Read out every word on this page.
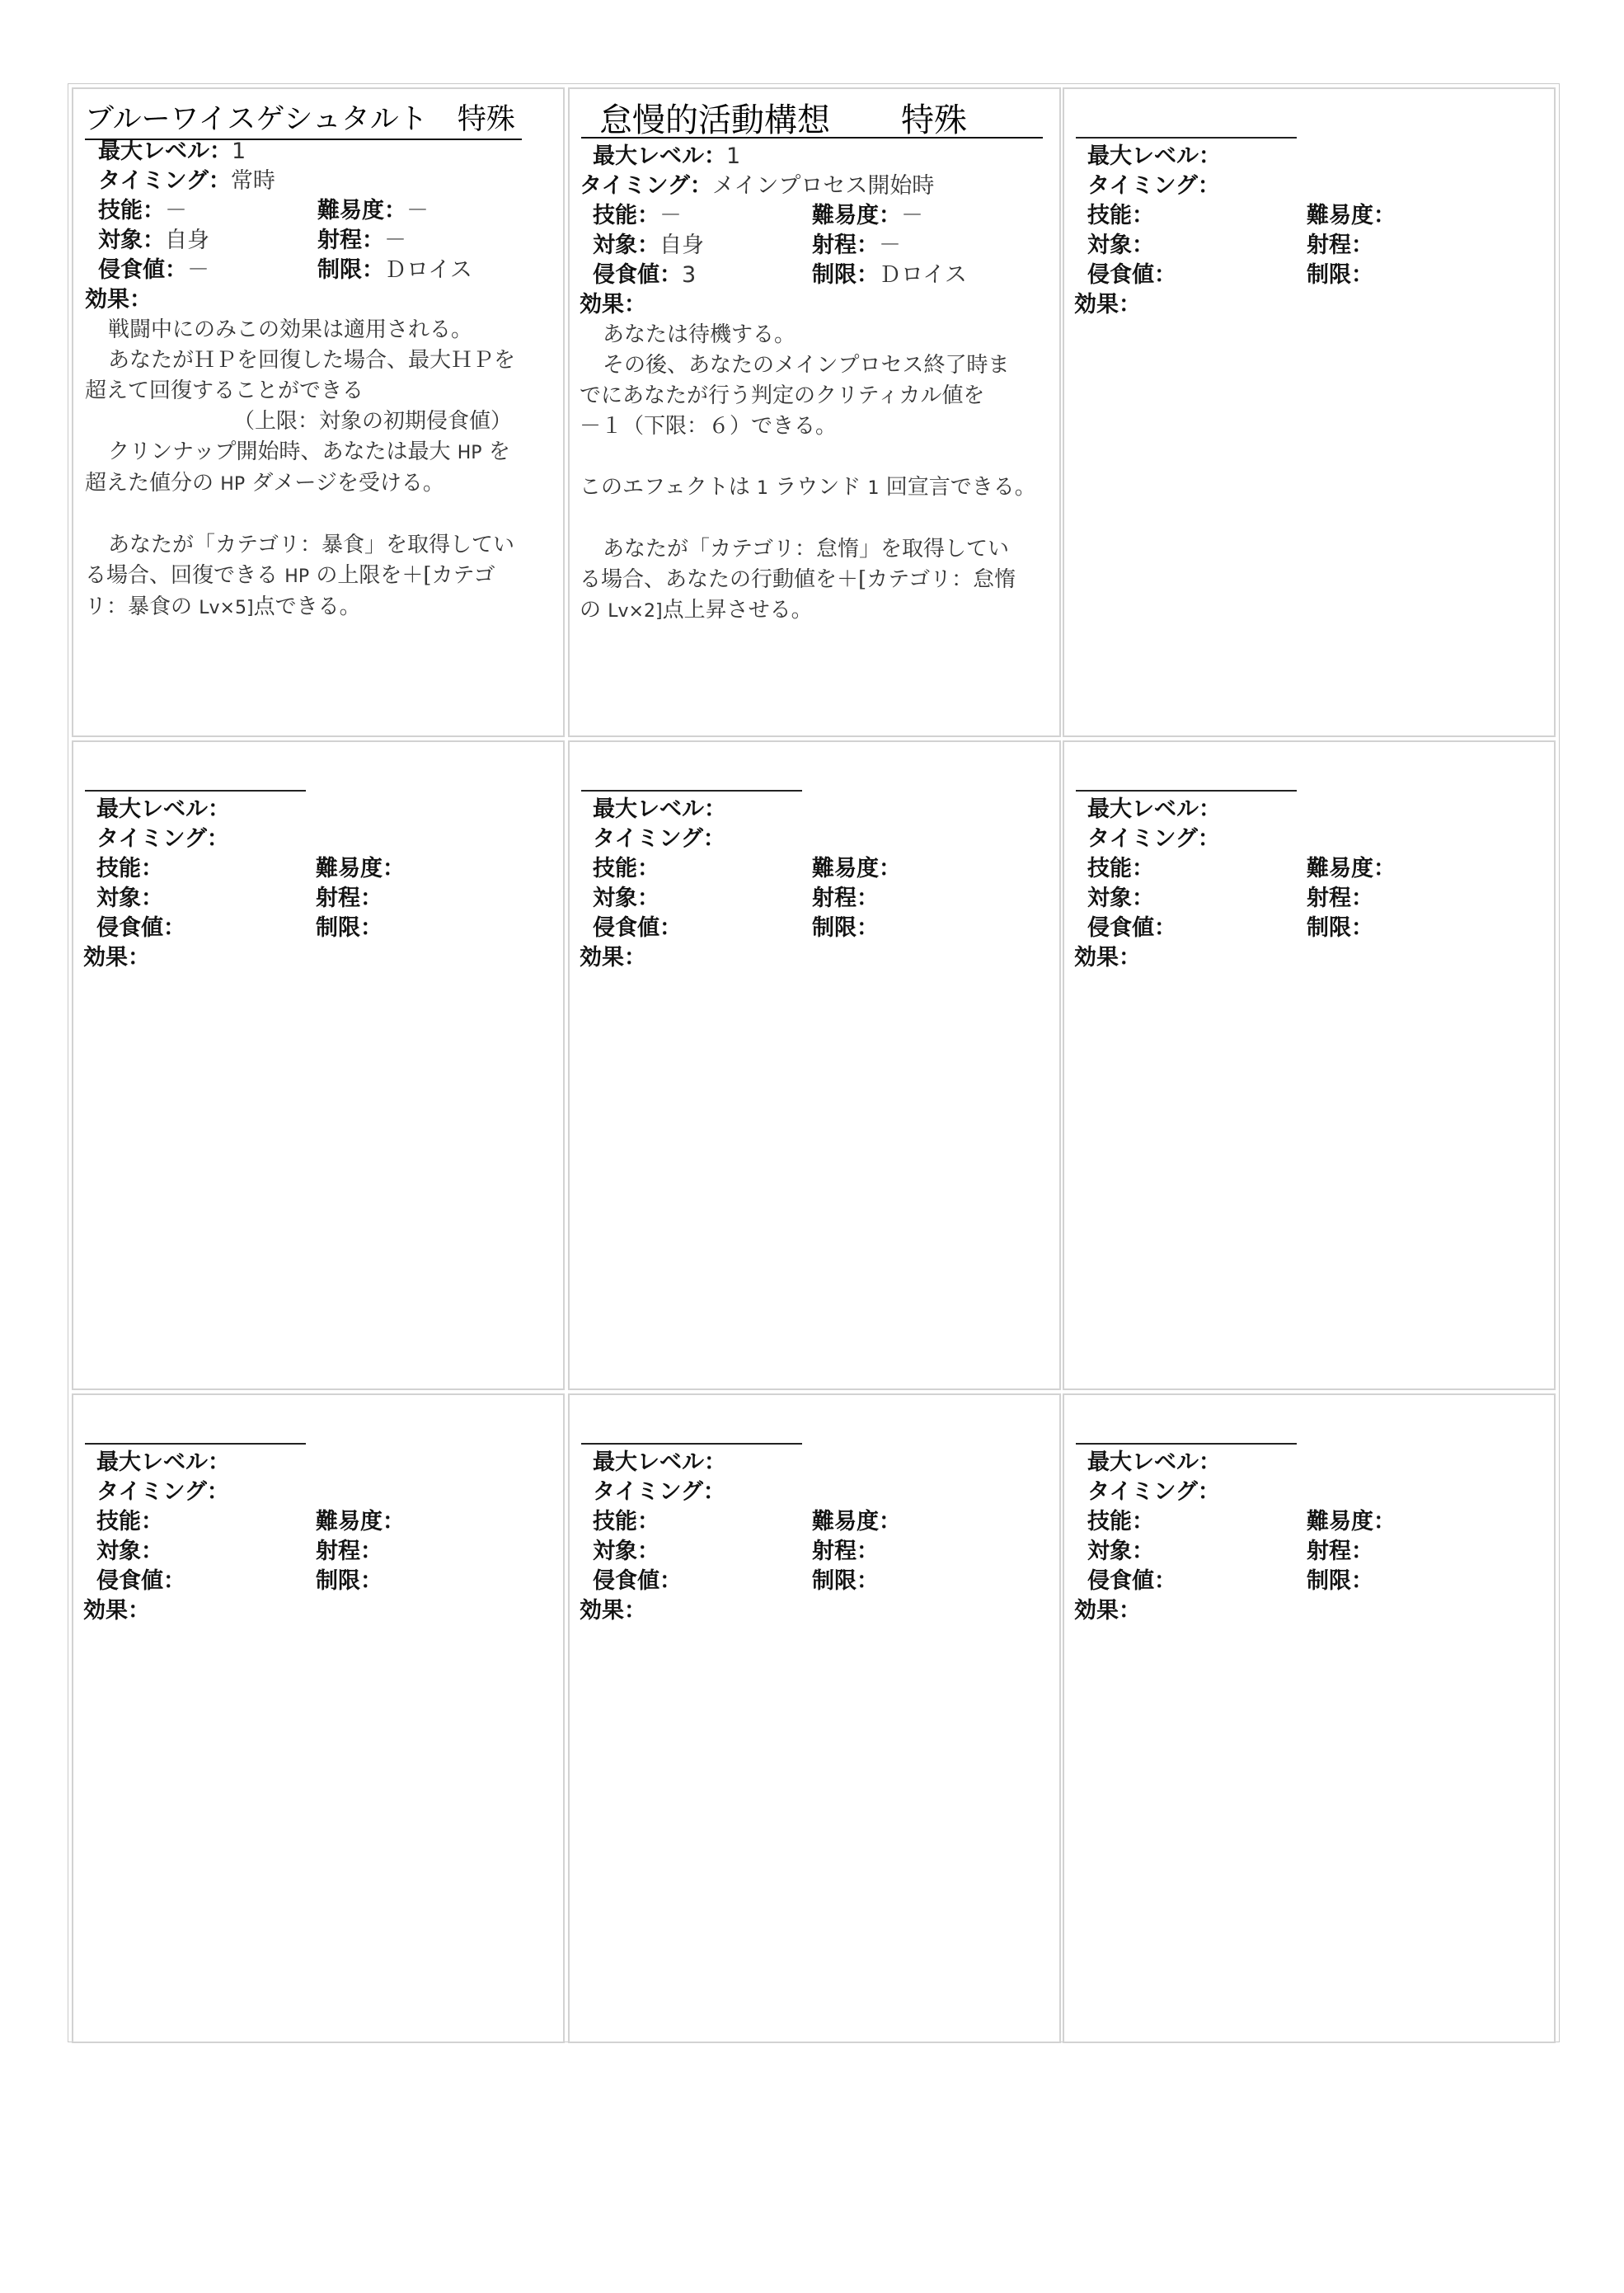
ブルーワイスゲシュタルト 特殊
最大レベル：1
タイミング：常時
技能：－	難易度：－
対象：自身	射程：－
侵食値：－	制限：Ｄロイス
効果：

戦闘中にのみこの効果は適用される。

あなたがＨＰを回復した場合、最大ＨＰを

超えて回復することができる

（上限：対象の初期侵食値）

クリンナップ開始時、あなたは最大 HP を

超えた値分の HP ダメージを受ける。

あなたが「カテゴリ：暴食」を取得してい

る場合、回復できる HP の上限を＋[カテゴ

リ：暴食の Lv×5]点できる。

怠慢的活動構想 特殊
最大レベル：1
タイミング：メインプロセス開始時
技能：－	難易度：－
対象：自身	射程：－
侵食値：3	制限：Ｄロイス
効果：

あなたは待機する。

その後、あなたのメインプロセス終了時ま

でにあなたが行う判定のクリティカル値を

－１（下限：６）できる。

このエフェクトは 1 ラウンド 1 回宣言できる。

あなたが「カテゴリ：怠惰」を取得してい

る場合、あなたの行動値を＋[カテゴリ：怠惰

の Lv×2]点上昇させる。

最大レベル：
タイミング：
技能：	難易度：
対象：	射程：
侵食値：	制限：
効果：
最大レベル：
タイミング：
技能：	難易度：
対象：	射程：
侵食値：	制限：
効果：
最大レベル：
タイミング：
技能：	難易度：
対象：	射程：
侵食値：	制限：
効果：
最大レベル：
タイミング：
技能：	難易度：
対象：	射程：
侵食値：	制限：
効果：
最大レベル：
タイミング：
技能：	難易度：
対象：	射程：
侵食値：	制限：
効果：
最大レベル：
タイミング：
技能：	難易度：
対象：	射程：
侵食値：	制限：
効果：
最大レベル：
タイミング：
技能：	難易度：
対象：	射程：
侵食値：	制限：
効果：
